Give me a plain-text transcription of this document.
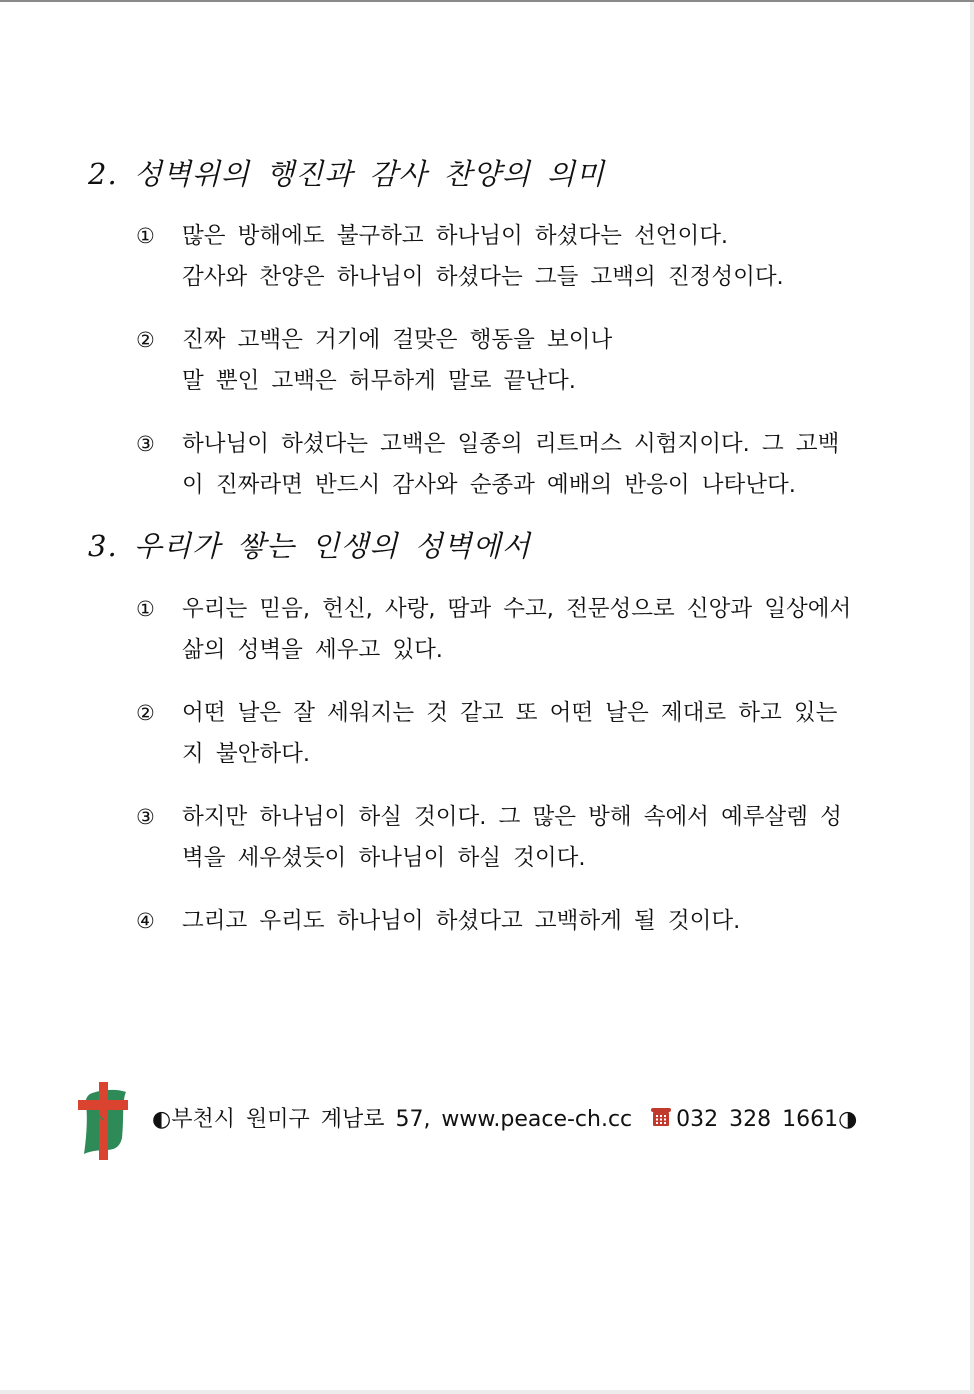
2. 성벽위의 행진과 감사 찬양의 의미
①	많은 방해에도 불구하고 하나님이 하셨다는 선언이다.
감사와 찬양은 하나님이 하셨다는 그들 고백의 진정성이다.
②	진짜 고백은 거기에 걸맞은 행동을 보이나
말 뿐인 고백은 허무하게 말로 끝난다.
③	하나님이 하셨다는 고백은 일종의 리트머스 시험지이다. 그 고백
이 진짜라면 반드시 감사와 순종과 예배의 반응이 나타난다.
3. 우리가 쌓는 인생의 성벽에서
①	우리는 믿음, 헌신, 사랑, 땀과 수고, 전문성으로 신앙과 일상에서
삶의 성벽을 세우고 있다.
②	어떤 날은 잘 세워지는 것 같고 또 어떤 날은 제대로 하고 있는
지 불안하다.
③	하지만 하나님이 하실 것이다. 그 많은 방해 속에서 예루살렘 성
벽을 세우셨듯이 하나님이 하실 것이다.
④	그리고 우리도 하나님이 하셨다고 고백하게 될 것이다.
◐부천시 원미구 계남로 57, www.peace-ch.cc 032 328 1661◑
